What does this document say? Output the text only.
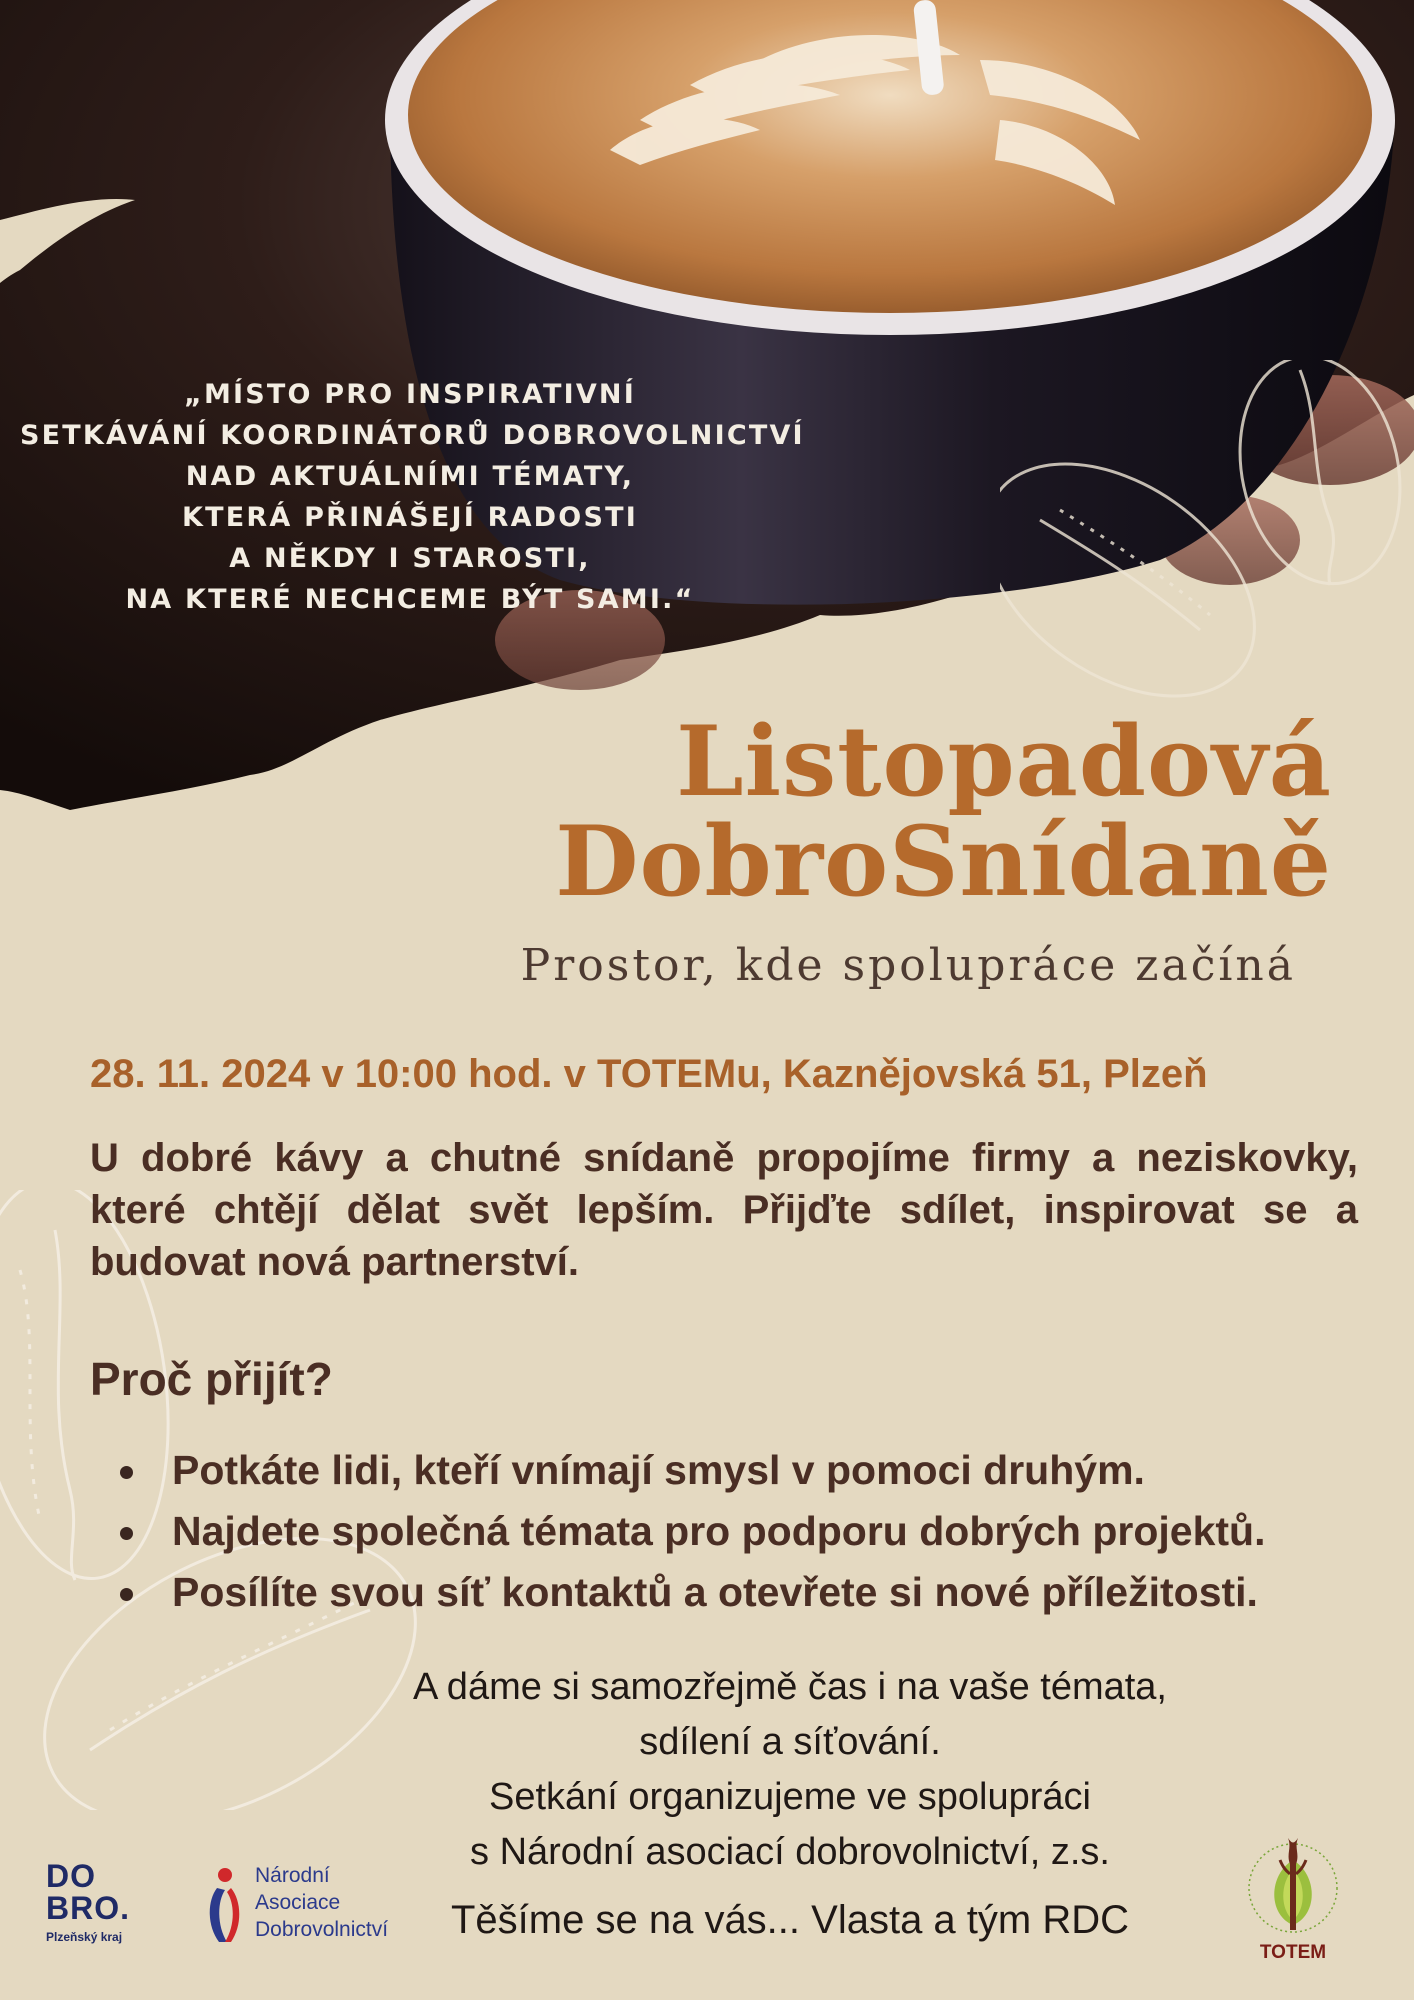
„MÍSTO PRO INSPIRATIVNÍ
SETKÁVÁNÍ KOORDINÁTORŮ DOBROVOLNICTVÍ
NAD AKTUÁLNÍMI TÉMATY,
KTERÁ PŘINÁŠEJÍ RADOSTI
A NĚKDY I STAROSTI,
NA KTERÉ NECHCEME BÝT SAMI.“
Listopadová
DobroSnídaně
Prostor, kde spolupráce začíná
28. 11. 2024 v 10:00 hod. v TOTEMu, Kaznějovská 51, Plzeň
U dobré kávy a chutné snídaně propojíme firmy a neziskovky, které chtějí dělat svět lepším. Přijďte sdílet, inspirovat se a budovat nová partnerství.
Proč přijít?
Potkáte lidi, kteří vnímají smysl v pomoci druhým.
Najdete společná témata pro podporu dobrých projektů.
Posílíte svou síť kontaktů a otevřete si nové příležitosti.
A dáme si samozřejmě čas i na vaše témata,
sdílení a síťování.
Setkání organizujeme ve spolupráci
s Národní asociací dobrovolnictví, z.s.
Těšíme se na vás... Vlasta a tým RDC
DO
BRO.
Plzeňský kraj
Národní
Asociace
Dobrovolnictví
TOTEM
